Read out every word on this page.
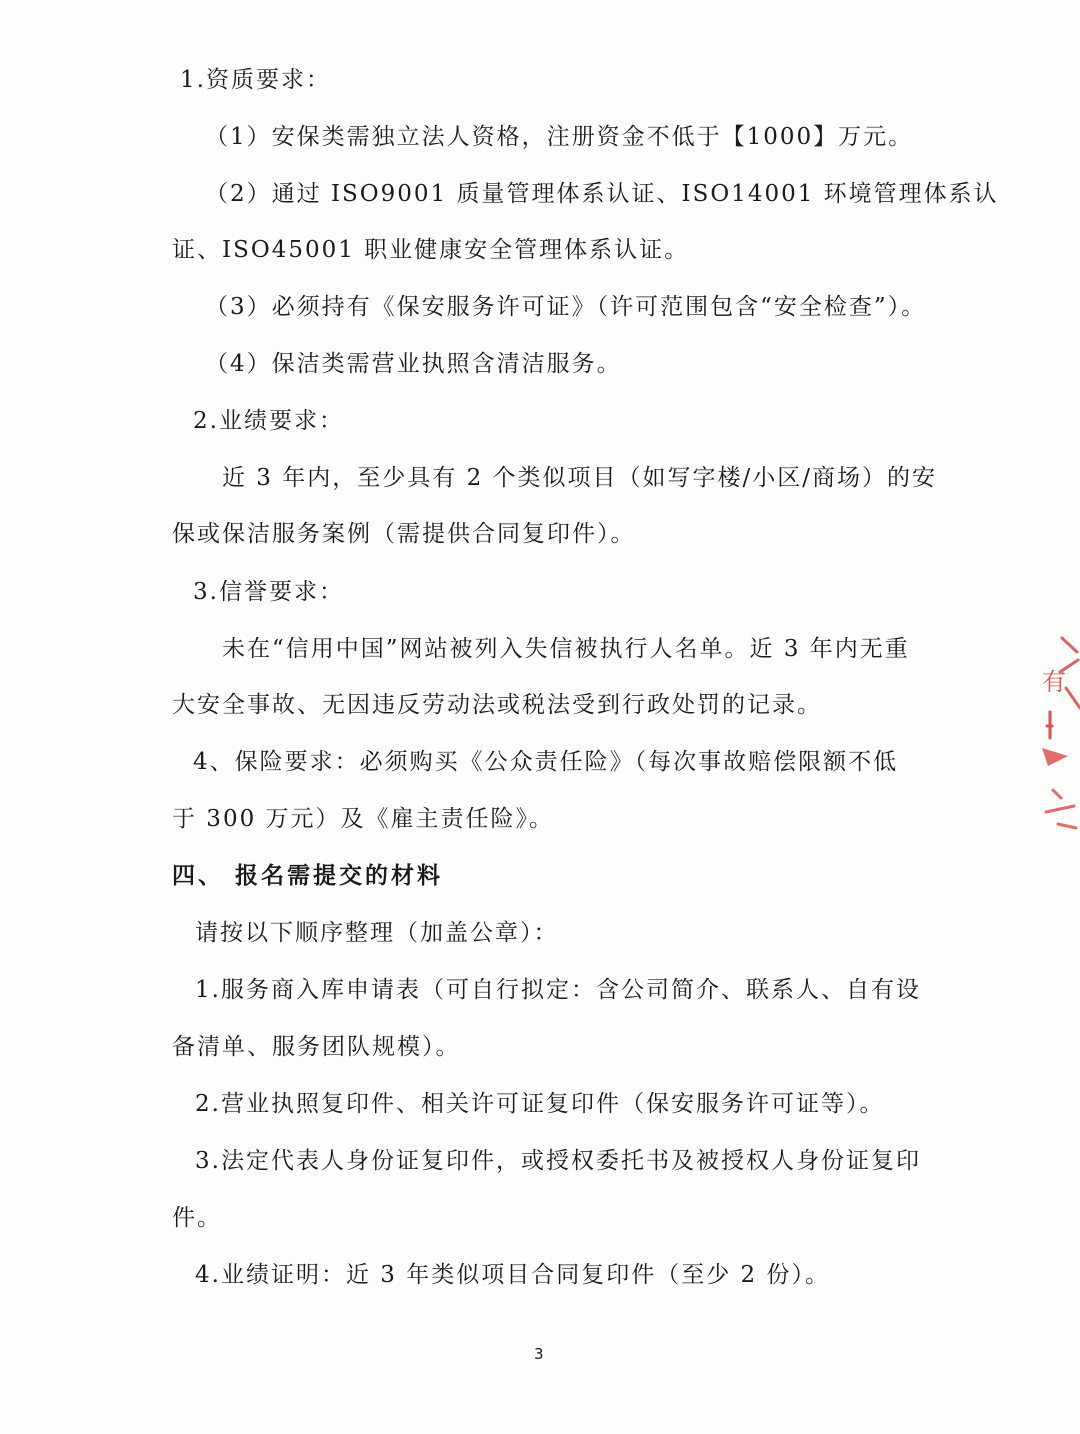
1.资质要求：
（1）安保类需独立法人资格，注册资金不低于【1000】万元。
（2）通过 ISO9001 质量管理体系认证、ISO14001 环境管理体系认
证、ISO45001 职业健康安全管理体系认证。
（3）必须持有《保安服务许可证》（许可范围包含“安全检查”）。
（4）保洁类需营业执照含清洁服务。
2.业绩要求：
近 3 年内，至少具有 2 个类似项目（如写字楼/小区/商场）的安
保或保洁服务案例（需提供合同复印件）。
3.信誉要求：
未在“信用中国”网站被列入失信被执行人名单。近 3 年内无重
大安全事故、无因违反劳动法或税法受到行政处罚的记录。
4、保险要求：必须购买《公众责任险》（每次事故赔偿限额不低
于 300 万元）及《雇主责任险》。
四、 报名需提交的材料
请按以下顺序整理（加盖公章）：
1.服务商入库申请表（可自行拟定：含公司简介、联系人、自有设
备清单、服务团队规模）。
2.营业执照复印件、相关许可证复印件（保安服务许可证等）。
3.法定代表人身份证复印件，或授权委托书及被授权人身份证复印
件。
4.业绩证明：近 3 年类似项目合同复印件（至少 2 份）。
3
有
